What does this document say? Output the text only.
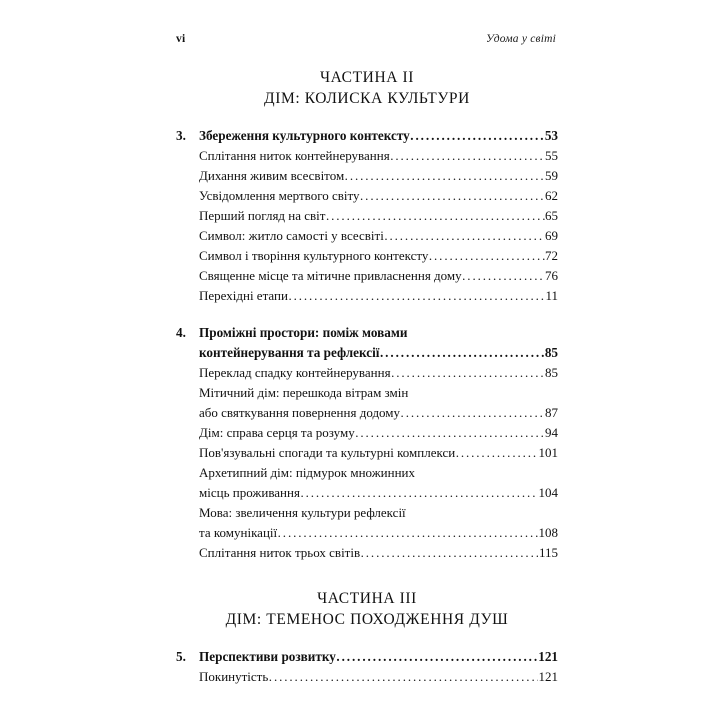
vi	Удома у світі
ЧАСТИНА II
ДІМ: КОЛИСКА КУЛЬТУРИ
3. Збереження культурного контексту .....	53
Сплітання ниток контейнерування .....	55
Дихання живим всесвітом .....	59
Усвідомлення мертвого світу .....	62
Перший погляд на світ .....	65
Символ: житло самості у всесвіті .....	69
Символ і творіння культурного контексту .....	72
Священне місце та мітичне привласнення дому .....	76
Перехідні етапи .....	11
4. Проміжні простори: поміж мовами
контейнерування та рефлексії .....	85
Переклад спадку контейнерування .....	85
Мітичний дім: перешкода вітрам змін
або святкування повернення додому .....	87
Дім: справа серця та розуму .....	94
Пов'язувальні спогади та культурні комплекси .....	101
Архетипний дім: підмурок множинних
місць проживання .....	104
Мова: звеличення культури рефлексії
та комунікації .....	108
Сплітання ниток трьох світів .....	115
ЧАСТИНА III
ДІМ: ТЕМЕНОС ПОХОДЖЕННЯ ДУШ
5. Перспективи розвитку .....	121
Покинутість .....	121
